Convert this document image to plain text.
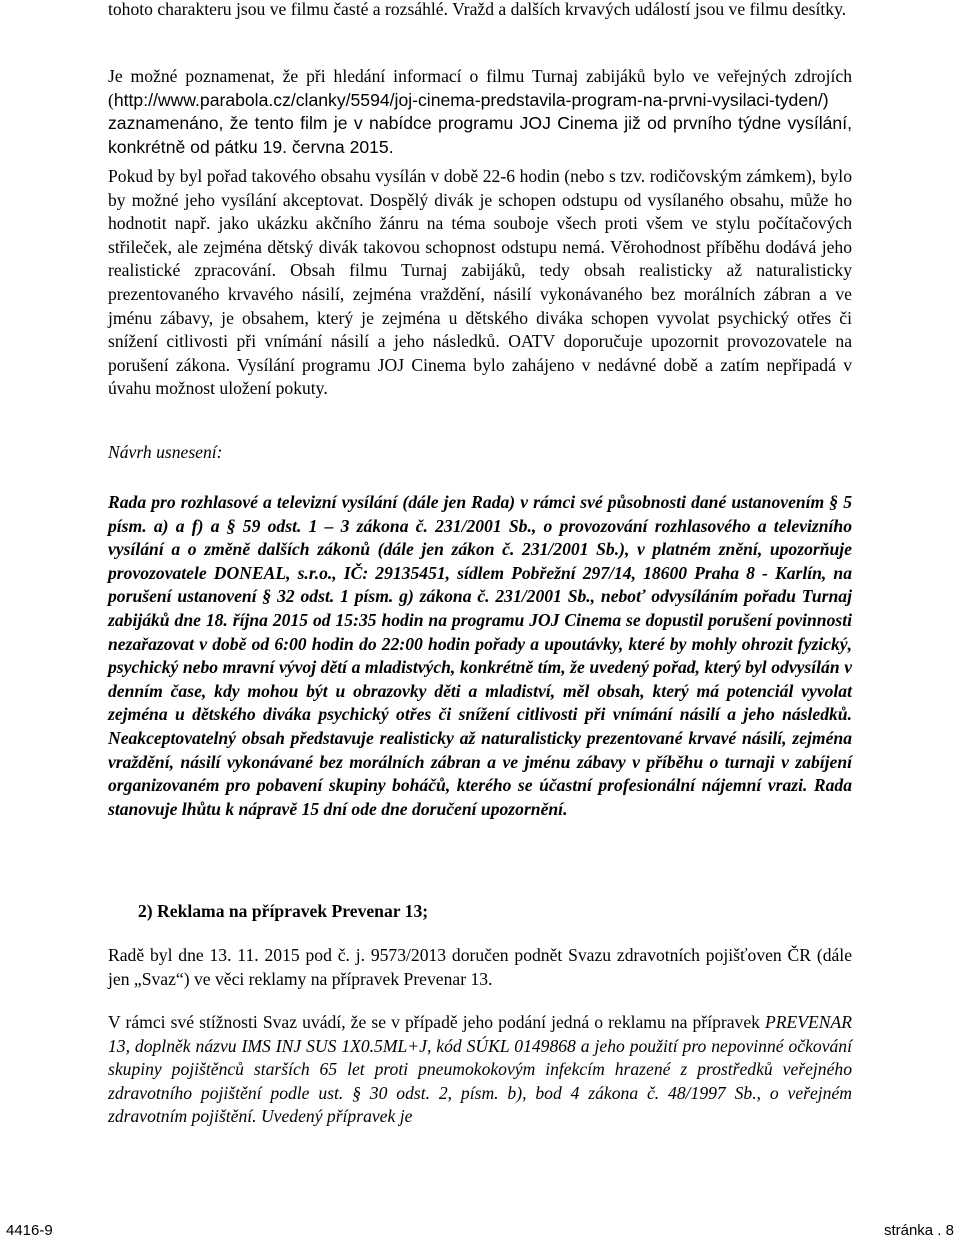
tohoto charakteru jsou ve filmu časté a rozsáhlé. Vražd a dalších krvavých událostí jsou ve filmu desítky.

Je možné poznamenat, že při hledání informací o filmu Turnaj zabijáků bylo ve veřejných zdrojích (http://www.parabola.cz/clanky/5594/joj-cinema-predstavila-program-na-prvni-vysilaci-tyden/) zaznamenáno, že tento film je v nabídce programu JOJ Cinema již od prvního týdne vysílání, konkrétně od pátku 19. června 2015.

Pokud by byl pořad takového obsahu vysílán v době 22-6 hodin (nebo s tzv. rodičovským zámkem), bylo by možné jeho vysílání akceptovat. Dospělý divák je schopen odstupu od vysílaného obsahu, může ho hodnotit např. jako ukázku akčního žánru na téma souboje všech proti všem ve stylu počítačových střileček, ale zejména dětský divák takovou schopnost odstupu nemá. Věrohodnost příběhu dodává jeho realistické zpracování. Obsah filmu Turnaj zabijáků, tedy obsah realisticky až naturalisticky prezentovaného krvavého násilí, zejména vraždění, násilí vykonávaného bez morálních zábran a ve jménu zábavy, je obsahem, který je zejména u dětského diváka schopen vyvolat psychický otřes či snížení citlivosti při vnímání násilí a jeho následků. OATV doporučuje upozornit provozovatele na porušení zákona. Vysílání programu JOJ Cinema bylo zahájeno v nedávné době a zatím nepřipadá v úvahu možnost uložení pokuty.

Návrh usnesení:

Rada pro rozhlasové a televizní vysílání (dále jen Rada) v rámci své působnosti dané ustanovením § 5 písm. a) a f) a § 59 odst. 1 – 3 zákona č. 231/2001 Sb., o provozování rozhlasového a televizního vysílání a o změně dalších zákonů (dále jen zákon č. 231/2001 Sb.), v platném znění, upozorňuje provozovatele DONEAL, s.r.o., IČ: 29135451, sídlem Pobřežní 297/14, 18600 Praha 8 - Karlín, na porušení ustanovení § 32 odst. 1 písm. g) zákona č. 231/2001 Sb., neboť odvysíláním pořadu Turnaj zabijáků dne 18. října 2015 od 15:35 hodin na programu JOJ Cinema se dopustil porušení povinnosti nezařazovat v době od 6:00 hodin do 22:00 hodin pořady a upoutávky, které by mohly ohrozit fyzický, psychický nebo mravní vývoj dětí a mladistvých, konkrétně tím, že uvedený pořad, který byl odvysílán v denním čase, kdy mohou být u obrazovky děti a mladiství, měl obsah, který má potenciál vyvolat zejména u dětského diváka psychický otřes či snížení citlivosti při vnímání násilí a jeho následků. Neakceptovatelný obsah představuje realisticky až naturalisticky prezentované krvavé násilí, zejména vraždění, násilí vykonávané bez morálních zábran a ve jménu zábavy v příběhu o turnaji v zabíjení organizovaném pro pobavení skupiny boháčů, kterého se účastní profesionální nájemní vrazi. Rada stanovuje lhůtu k nápravě 15 dní ode dne doručení upozornění.

2) Reklama na přípravek Prevenar 13;

Radě byl dne 13. 11. 2015 pod č. j. 9573/2013 doručen podnět Svazu zdravotních pojišťoven ČR (dále jen „Svaz“) ve věci reklamy na přípravek Prevenar 13.

V rámci své stížnosti Svaz uvádí, že se v případě jeho podání jedná o reklamu na přípravek PREVENAR 13, doplněk názvu IMS INJ SUS 1X0.5ML+J, kód SÚKL 0149868 a jeho použití pro nepovinné očkování skupiny pojištěnců starších 65 let proti pneumokokovým infekcím hrazené z prostředků veřejného zdravotního pojištění podle ust. § 30 odst. 2, písm. b), bod 4 zákona č. 48/1997 Sb., o veřejném zdravotním pojištění. Uvedený přípravek je

4416-9	stránka . 8
